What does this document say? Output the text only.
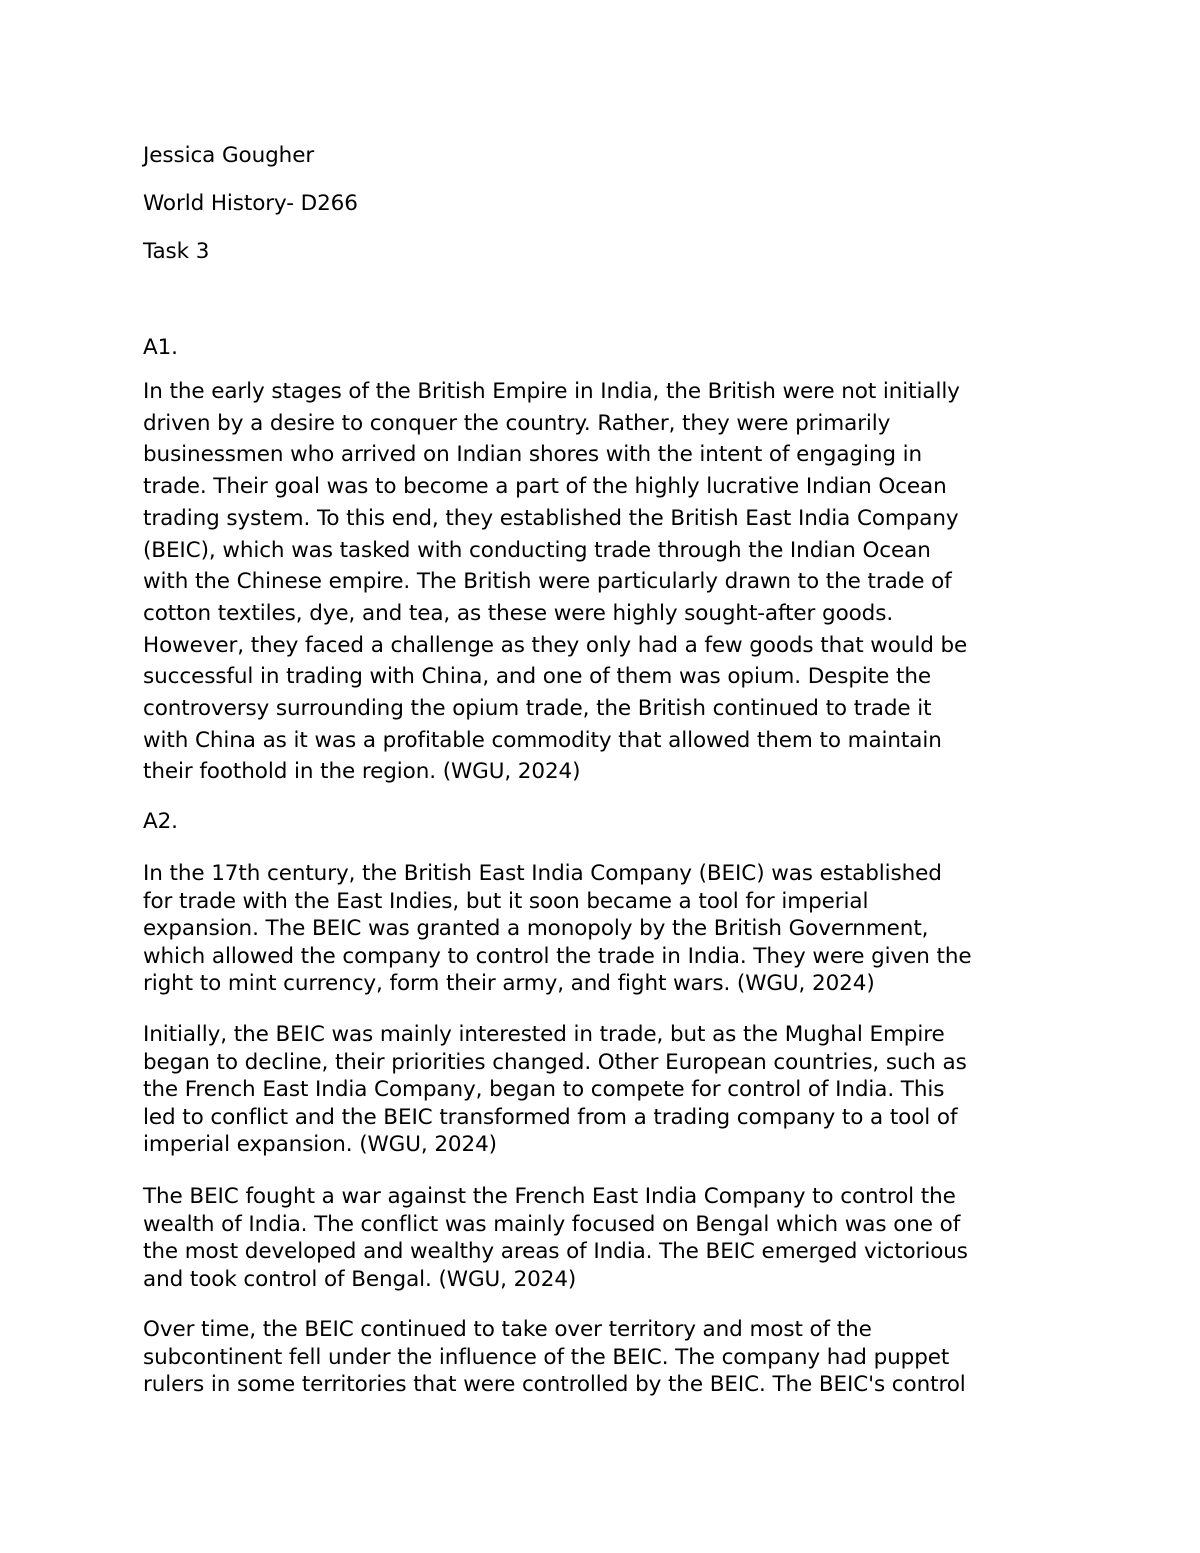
Jessica Gougher

World History- D266

Task 3

A1.

In the early stages of the British Empire in India, the British were not initially
driven by a desire to conquer the country. Rather, they were primarily
businessmen who arrived on Indian shores with the intent of engaging in
trade. Their goal was to become a part of the highly lucrative Indian Ocean
trading system. To this end, they established the British East India Company
(BEIC), which was tasked with conducting trade through the Indian Ocean
with the Chinese empire. The British were particularly drawn to the trade of
cotton textiles, dye, and tea, as these were highly sought-after goods.
However, they faced a challenge as they only had a few goods that would be
successful in trading with China, and one of them was opium. Despite the
controversy surrounding the opium trade, the British continued to trade it
with China as it was a profitable commodity that allowed them to maintain
their foothold in the region. (WGU, 2024)

A2.

In the 17th century, the British East India Company (BEIC) was established
for trade with the East Indies, but it soon became a tool for imperial
expansion. The BEIC was granted a monopoly by the British Government,
which allowed the company to control the trade in India. They were given the
right to mint currency, form their army, and fight wars. (WGU, 2024)

Initially, the BEIC was mainly interested in trade, but as the Mughal Empire
began to decline, their priorities changed. Other European countries, such as
the French East India Company, began to compete for control of India. This
led to conflict and the BEIC transformed from a trading company to a tool of
imperial expansion. (WGU, 2024)

The BEIC fought a war against the French East India Company to control the
wealth of India. The conflict was mainly focused on Bengal which was one of
the most developed and wealthy areas of India. The BEIC emerged victorious
and took control of Bengal. (WGU, 2024)

Over time, the BEIC continued to take over territory and most of the
subcontinent fell under the influence of the BEIC. The company had puppet
rulers in some territories that were controlled by the BEIC. The BEIC's control
